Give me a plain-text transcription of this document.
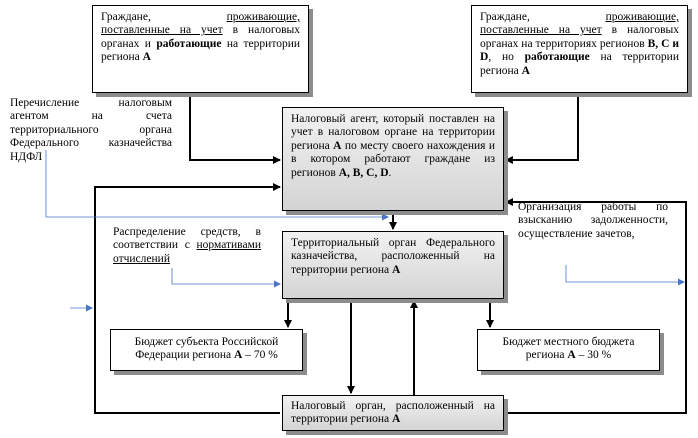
Граждане,	проживающие,

поставленные на учет в налоговых органах и работающие на территории региона А
Граждане,	проживающие,

поставленные на учет в налоговых органах на территориях регионов B, C и D, но работающие на территории региона А
Налоговый агент, который поставлен на учет в налоговом органе на территории региона А по месту своего нахождения и в котором работают граждане из регионов А, В, С, D.
Территориальный орган Федерального казначейства, расположенный на территории региона А
Бюджет субъекта Российской Федерации региона А – 70 %
Бюджет местного бюджета региона А – 30 %
Налоговый орган, расположенный на территории региона А
Перечисление налоговым агентом на счета территориального органа Федерального казначейства НДФЛ
Распределение средств, в соответствии с нормативами отчислений
Организация работы по взысканию задолженности, осуществление зачетов,
